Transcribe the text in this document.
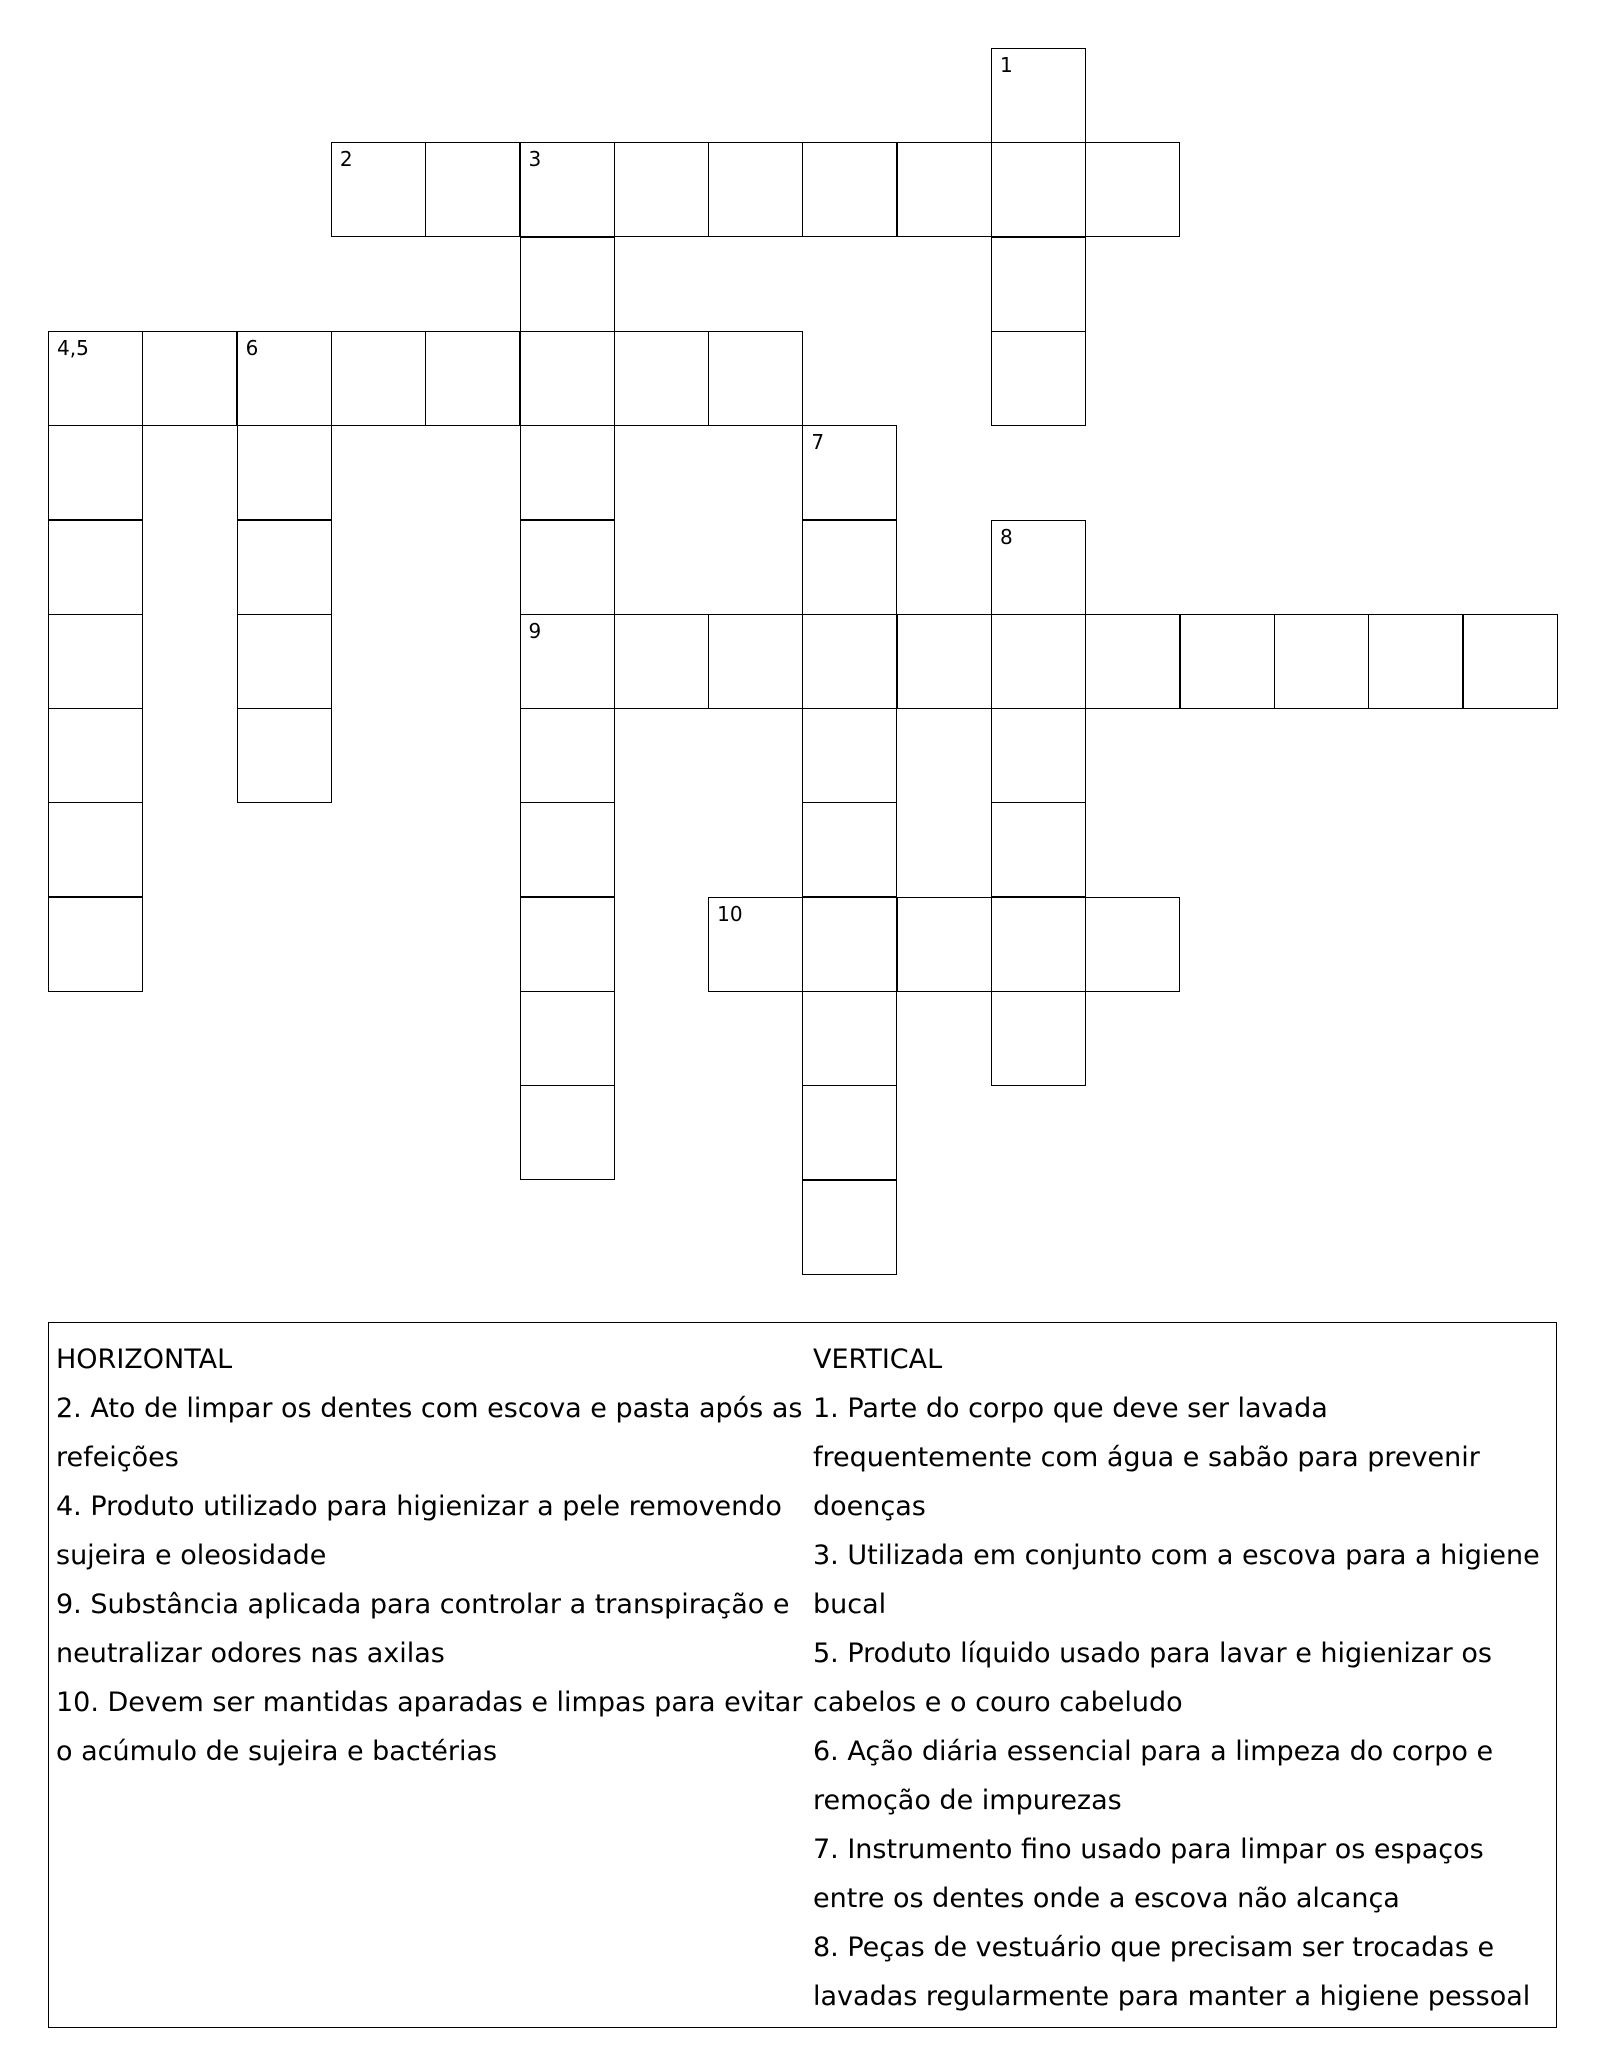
1
2	3
4,5	6
7
8
9
10

HORIZONTAL

2. Ato de limpar os dentes com escova e pasta após as refeições

4. Produto utilizado para higienizar a pele removendo sujeira e oleosidade

9. Substância aplicada para controlar a transpiração e neutralizar odores nas axilas

10. Devem ser mantidas aparadas e limpas para evitar o acúmulo de sujeira e bactérias

VERTICAL

1. Parte do corpo que deve ser lavada frequentemente com água e sabão para prevenir doenças

3. Utilizada em conjunto com a escova para a higiene bucal

5. Produto líquido usado para lavar e higienizar os cabelos e o couro cabeludo

6. Ação diária essencial para a limpeza do corpo e remoção de impurezas

7. Instrumento fino usado para limpar os espaços entre os dentes onde a escova não alcança

8. Peças de vestuário que precisam ser trocadas e lavadas regularmente para manter a higiene pessoal
